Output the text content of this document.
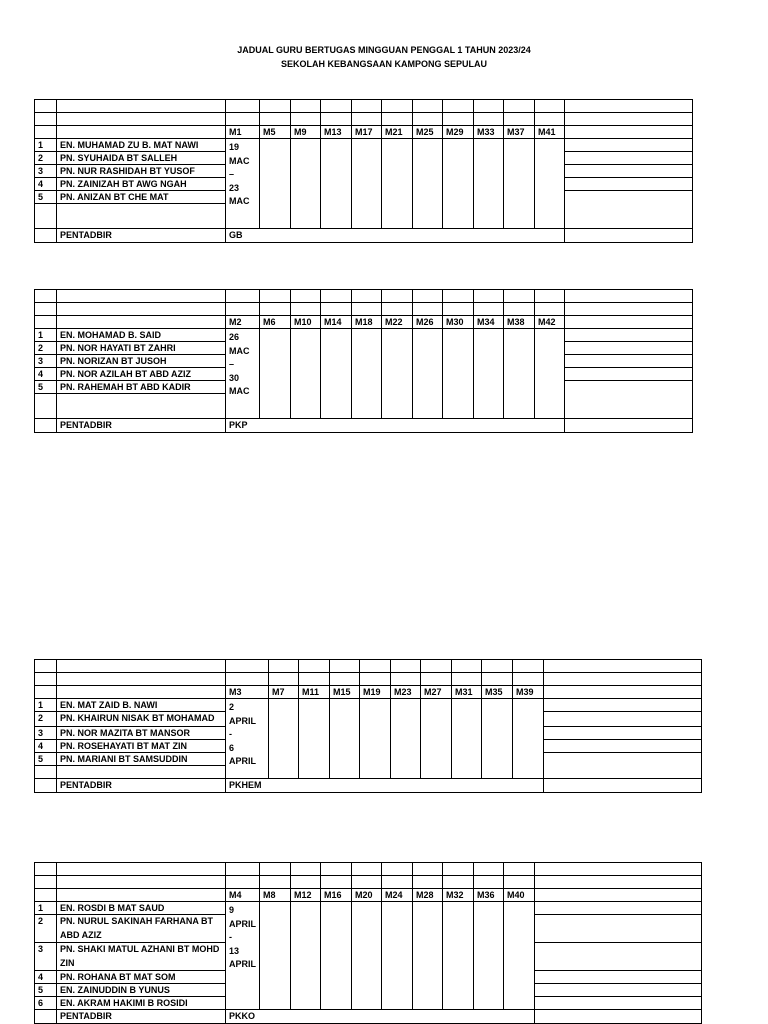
JADUAL GURU BERTUGAS MINGGUAN PENGGAL 1 TAHUN 2023/24
SEKOLAH KEBANGSAAN KAMPONG SEPULAU

		M1	M5	M9	M13	M17	M21	M25	M29	M33	M37	M41	
1	EN. MUHAMAD ZU B. MAT NAWI	19
MAC
–
23
MAC											
2	PN. SYUHAIDA BT SALLEH												
3	PN. NUR RASHIDAH BT YUSOF												
4	PN. ZAINIZAH BT AWG NGAH												
5	PN. ANIZAN BT CHE MAT												

	PENTADBIR	GB											

		M2	M6	M10	M14	M18	M22	M26	M30	M34	M38	M42	
1	EN. MOHAMAD B. SAID	26
MAC
–
30
MAC											
2	PN. NOR HAYATI BT ZAHRI												
3	PN. NORIZAN BT JUSOH												
4	PN. NOR AZILAH BT ABD AZIZ												
5	PN. RAHEMAH BT ABD KADIR												

	PENTADBIR	PKP											

		M3	M7	M11	M15	M19	M23	M27	M31	M35	M39	
1	EN. MAT ZAID B. NAWI	2
APRIL
-
6
APRIL										
2	PN. KHAIRUN NISAK BT MOHAMAD											
3	PN. NOR MAZITA BT MANSOR											
4	PN. ROSEHAYATI BT MAT ZIN											
5	PN. MARIANI BT SAMSUDDIN											

	PENTADBIR	PKHEM										

		M4	M8	M12	M16	M20	M24	M28	M32	M36	M40	
1	EN. ROSDI B MAT SAUD	9
APRIL
-
13
APRIL										
2	PN. NURUL SAKINAH FARHANA BT ABD AZIZ											
3	PN. SHAKI MATUL AZHANI BT MOHD ZIN											
4	PN. ROHANA BT MAT SOM											
5	EN. ZAINUDDIN B YUNUS											
6	EN. AKRAM HAKIMI B ROSIDI											
	PENTADBIR	PKKO										
